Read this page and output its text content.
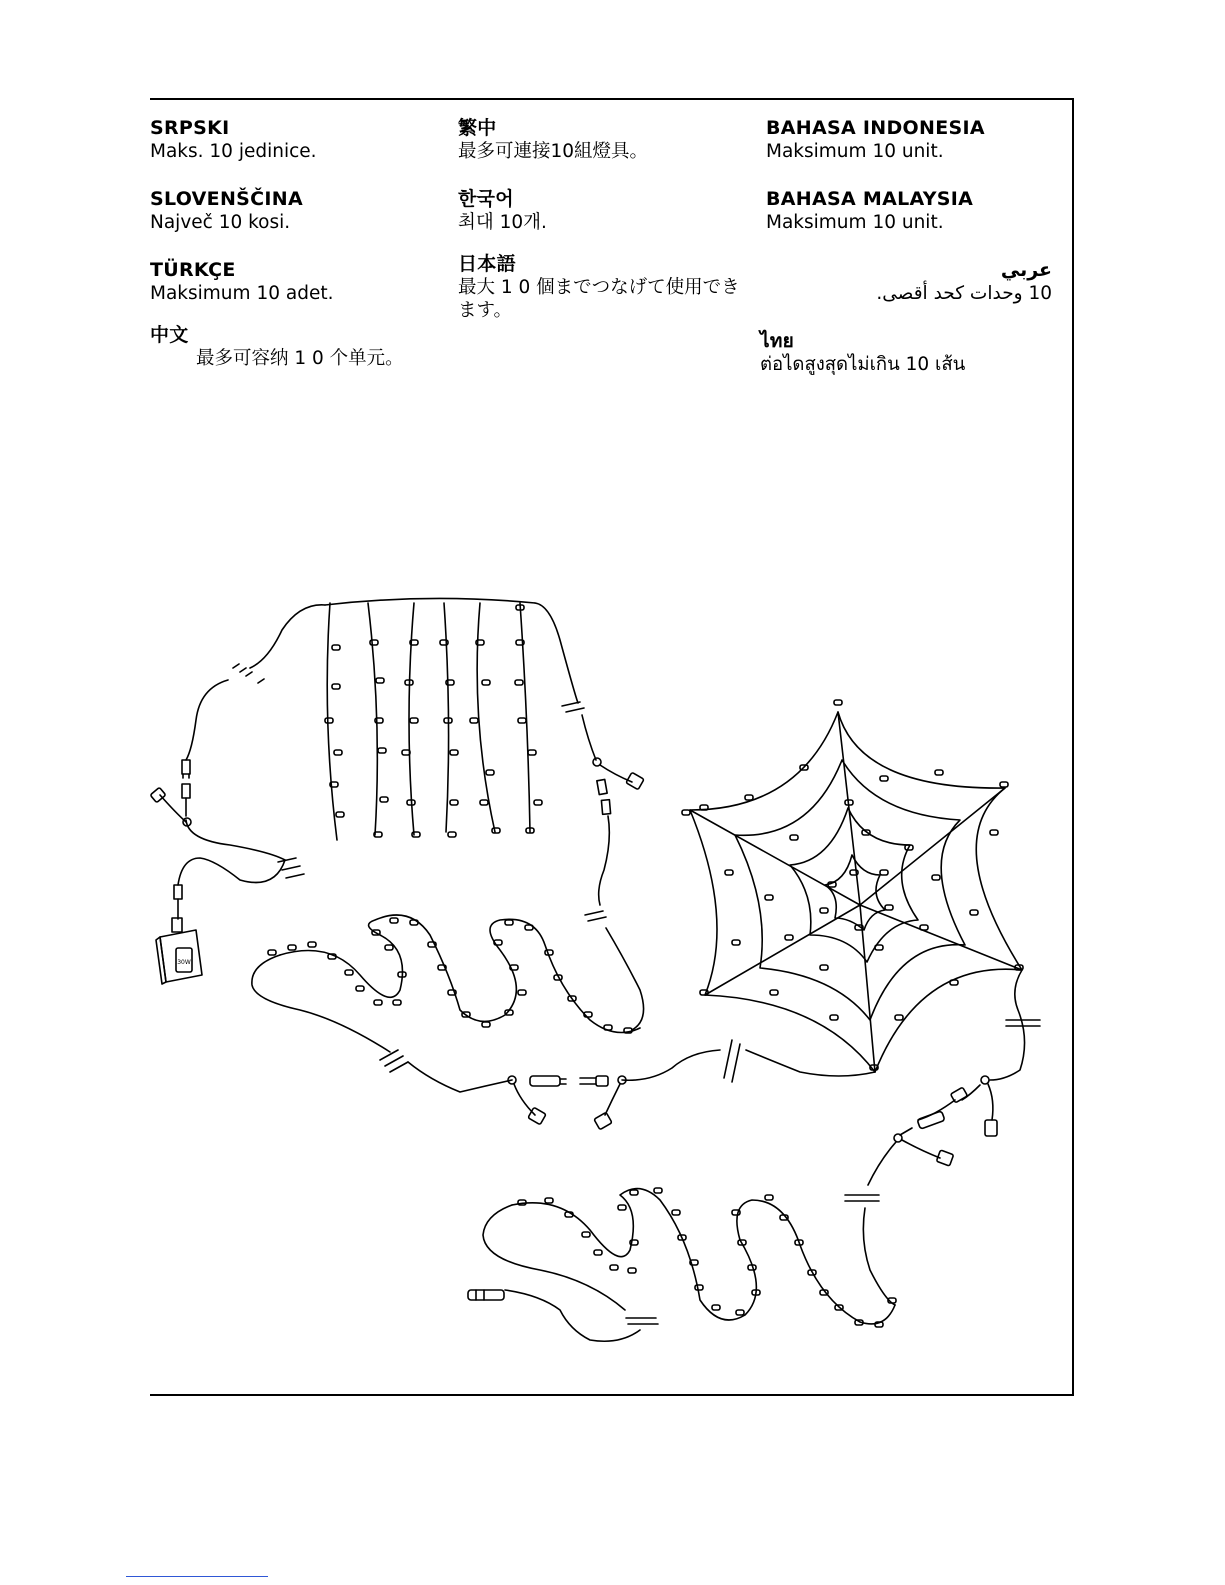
SRPSKI
Maks. 10 jedinice.
SLOVENŠČINA
Največ 10 kosi.
TÜRKÇE
Maksimum 10 adet.
中文
最多可容纳 1 0 个单元。
繁中
最多可連接10組燈具。
한국어
최대 10개.
日本語
最大 1 0 個までつなげて使用できます。
BAHASA INDONESIA
Maksimum 10 unit.
BAHASA MALAYSIA
Maksimum 10 unit.
عربي
10 وحدات كحد أقصى.
ไทย
ต่อไดสูงสุดไม่เกิน 10 เส้น
30W
